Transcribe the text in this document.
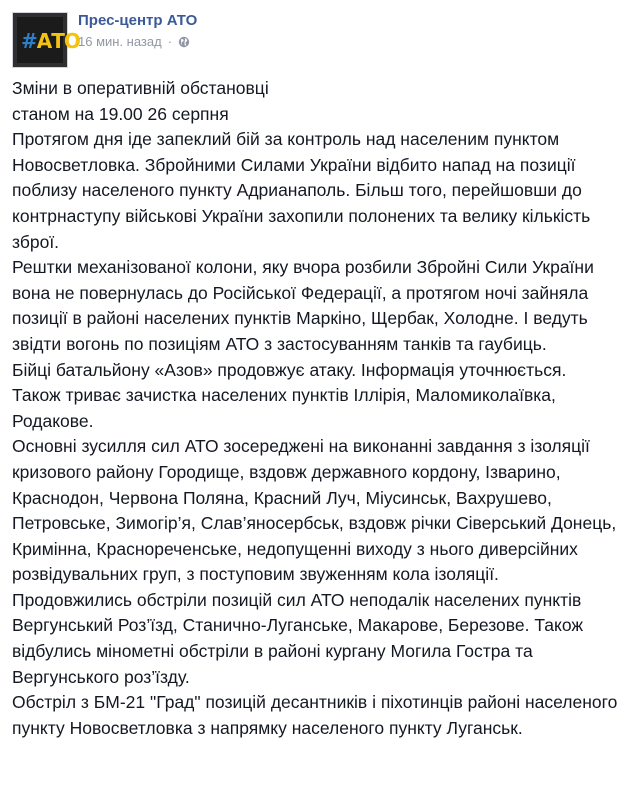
#АТО
Прес-центр АТО
16 мин. назад ·

Зміни в оперативній обстановці

станом на 19.00 26 серпня

Протягом дня іде запеклий бій за контроль над населеним пунктом Новосветловка. Збройними Силами України відбито напад на позиції поблизу населеного пункту Адрианаполь. Більш того, перейшовши до контрнаступу військові України захопили полонених та велику кількість зброї.

Рештки механізованої колони, яку вчора розбили Збройні Сили України вона не повернулась до Російської Федерації, а протягом ночі зайняла позиції в районі населених пунктів Маркіно, Щербак, Холодне. І ведуть звідти вогонь по позиціям АТО з застосуванням танків та гаубиць.

Бійці батальйону «Азов» продовжує атаку. Інформація уточнюється.

Також триває зачистка населених пунктів Іллірія, Маломиколаївка, Родакове.

Основні зусилля сил АТО зосереджені на виконанні завдання з ізоляції кризового району Городище, вздовж державного кордону, Ізварино, Краснодон, Червона Поляна, Красний Луч, Міусинськ, Вахрушево, Петровське, Зимогір’я, Слав’яносербськ, вздовж річки Сіверський Донець, Кримінна, Красноречeнське, недопущенні виходу з нього диверсійних розвідувальних груп, з поступовим звуженням кола ізоляції.

Продовжились обстріли позицій сил АТО неподалік населених пунктів Вергунський Роз’їзд, Станично-Луганське, Макарове, Березове. Також відбулись мінометні обстріли в районі кургану Могила Гостра та Вергунського роз’їзду.

Обстріл з БМ-21 "Град" позицій десантників і піхотинців районі населеного пункту Новосветловка з напрямку населеного пункту Луганськ.
